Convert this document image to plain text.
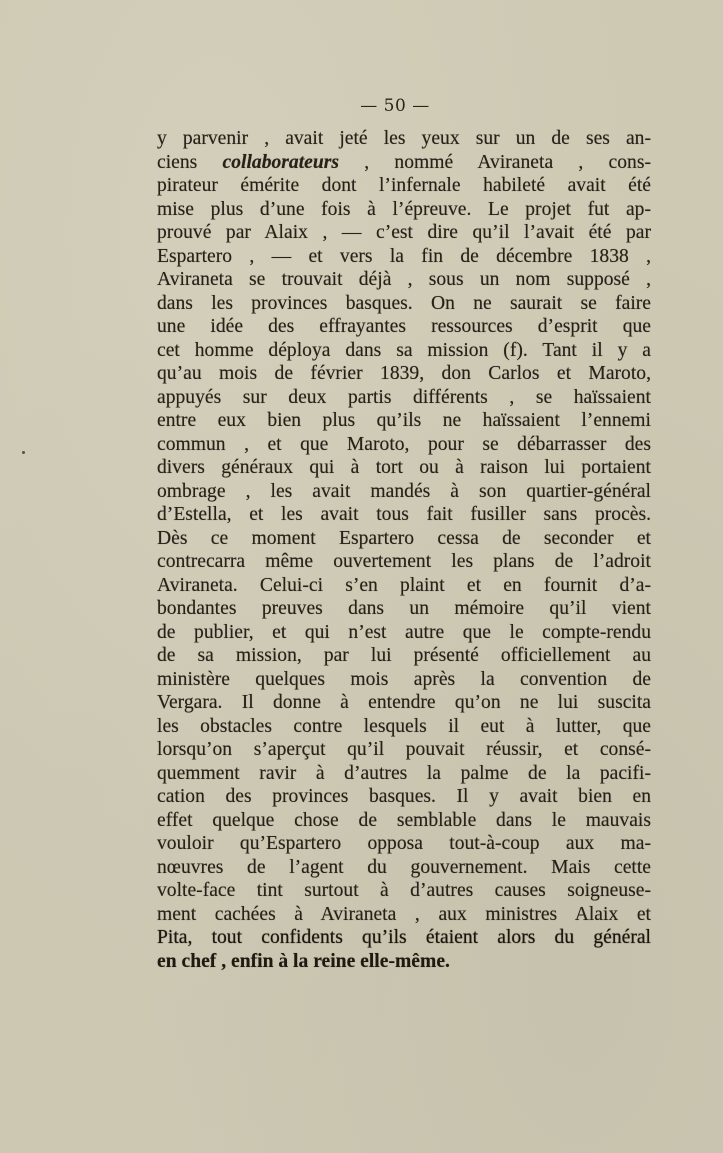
— 50 —
y parvenir , avait jeté les yeux sur un de ses an-
ciens collaborateurs , nommé Aviraneta , cons-
pirateur émérite dont l’infernale habileté avait été
mise plus d’une fois à l’épreuve. Le projet fut ap-
prouvé par Alaix , — c’est dire qu’il l’avait été par
Espartero , — et vers la fin de décembre 1838 ,
Aviraneta se trouvait déjà , sous un nom supposé ,
dans les provinces basques. On ne saurait se faire
une idée des effrayantes ressources d’esprit que
cet homme déploya dans sa mission (f). Tant il y a
qu’au mois de février 1839, don Carlos et Maroto,
appuyés sur deux partis différents , se haïssaient
entre eux bien plus qu’ils ne haïssaient l’ennemi
commun , et que Maroto, pour se débarrasser des
divers généraux qui à tort ou à raison lui portaient
ombrage , les avait mandés à son quartier-général
d’Estella, et les avait tous fait fusiller sans procès.
Dès ce moment Espartero cessa de seconder et
contrecarra même ouvertement les plans de l’adroit
Aviraneta. Celui-ci s’en plaint et en fournit d’a-
bondantes preuves dans un mémoire qu’il vient
de publier, et qui n’est autre que le compte-rendu
de sa mission, par lui présenté officiellement au
ministère quelques mois après la convention de
Vergara. Il donne à entendre qu’on ne lui suscita
les obstacles contre lesquels il eut à lutter, que
lorsqu’on s’aperçut qu’il pouvait réussir, et consé-
quemment ravir à d’autres la palme de la pacifi-
cation des provinces basques. Il y avait bien en
effet quelque chose de semblable dans le mauvais
vouloir qu’Espartero opposa tout-à-coup aux ma-
nœuvres de l’agent du gouvernement. Mais cette
volte-face tint surtout à d’autres causes soigneuse-
ment cachées à Aviraneta , aux ministres Alaix et
Pita, tout confidents qu’ils étaient alors du général
en chef , enfin à la reine elle-même.
